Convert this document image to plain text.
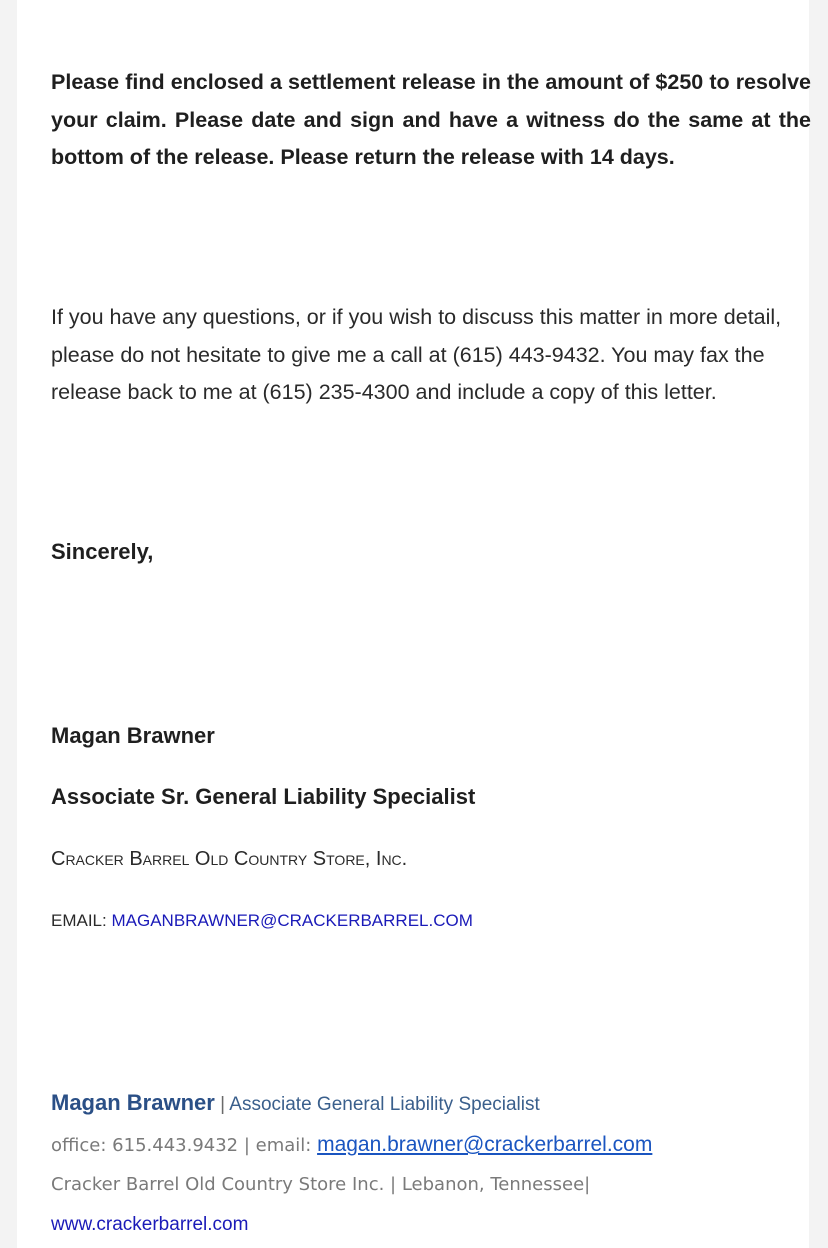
Please find enclosed a settlement release in the amount of $250 to resolve your claim. Please date and sign and have a witness do the same at the bottom of the release. Please return the release with 14 days.

If you have any questions, or if you wish to discuss this matter in more detail, please do not hesitate to give me a call at (615) 443-9432. You may fax the release back to me at (615) 235-4300 and include a copy of this letter.

Sincerely,

Magan Brawner

Associate Sr. General Liability Specialist

Cracker Barrel Old Country Store, Inc.

EMAIL: MAGANBRAWNER@CRACKERBARREL.COM

Magan Brawner | Associate General Liability Specialist

office: 615.443.9432 | email: magan.brawner@crackerbarrel.com

Cracker Barrel Old Country Store Inc. | Lebanon, Tennessee|

www.crackerbarrel.com
